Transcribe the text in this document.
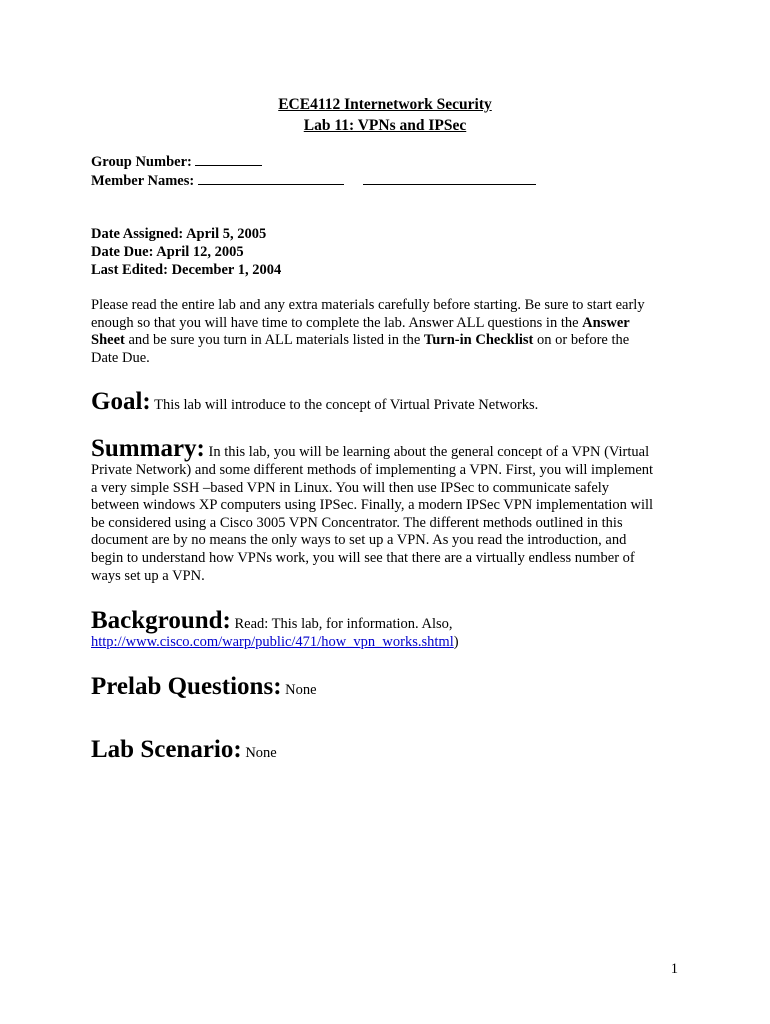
ECE4112 Internetwork Security
Lab 11: VPNs and IPSec
Group Number:
Member Names:
Date Assigned: April 5, 2005
Date Due: April 12, 2005
Last Edited: December 1, 2004
Please read the entire lab and any extra materials carefully before starting. Be sure to start early
enough so that you will have time to complete the lab. Answer ALL questions in the Answer
Sheet and be sure you turn in ALL materials listed in the Turn-in Checklist on or before the
Date Due.
Goal: This lab will introduce to the concept of Virtual Private Networks.
Summary: In this lab, you will be learning about the general concept of a VPN (Virtual
Private Network) and some different methods of implementing a VPN. First, you will implement
a very simple SSH –based VPN in Linux. You will then use IPSec to communicate safely
between windows XP computers using IPSec. Finally, a modern IPSec VPN implementation will
be considered using a Cisco 3005 VPN Concentrator. The different methods outlined in this
document are by no means the only ways to set up a VPN. As you read the introduction, and
begin to understand how VPNs work, you will see that there are a virtually endless number of
ways set up a VPN.
Background: Read: This lab, for information. Also,
http://www.cisco.com/warp/public/471/how_vpn_works.shtml)
Prelab Questions: None
Lab Scenario: None
1
